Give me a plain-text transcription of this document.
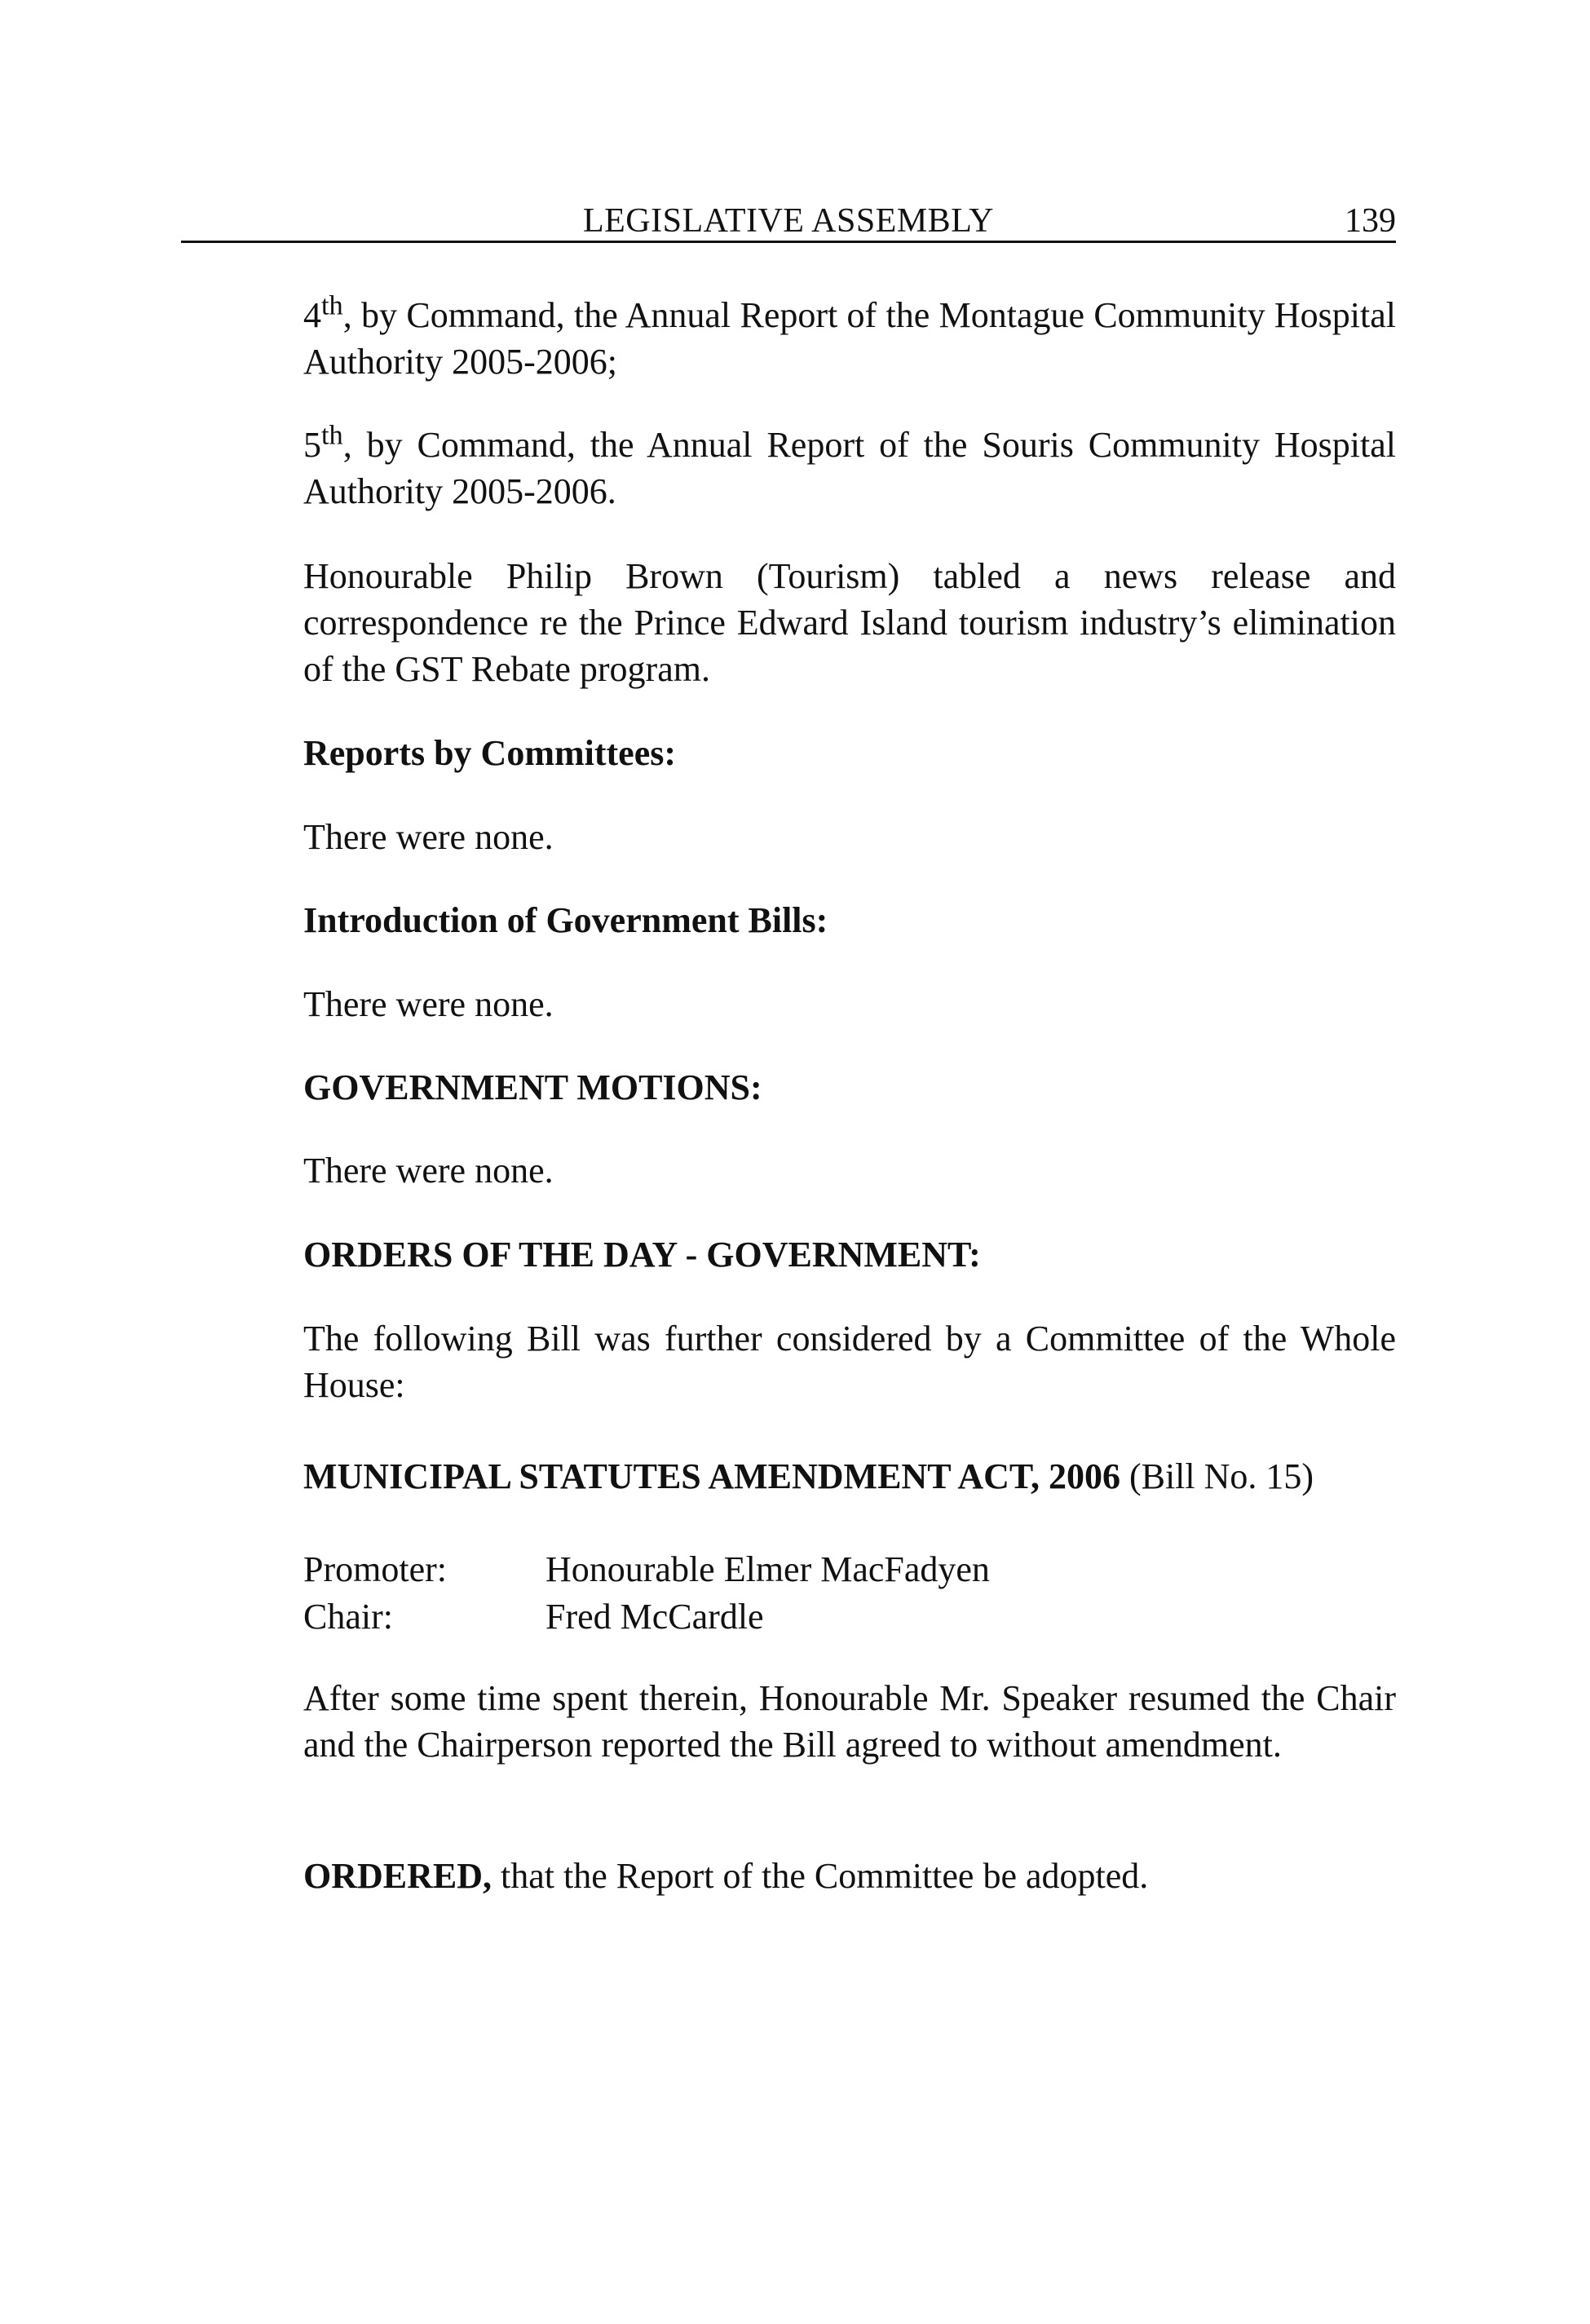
LEGISLATIVE ASSEMBLY	139
4th, by Command, the Annual Report of the Montague Community Hospital Authority 2005-2006;
5th, by Command, the Annual Report of the Souris Community Hospital Authority 2005-2006.
Honourable Philip Brown (Tourism) tabled a news release and correspondence re the Prince Edward Island tourism industry’s elimination of the GST Rebate program.
Reports by Committees:
There were none.
Introduction of Government Bills:
There were none.
GOVERNMENT MOTIONS:
There were none.
ORDERS OF THE DAY - GOVERNMENT:
The following Bill was further considered by a Committee of the Whole House:
MUNICIPAL STATUTES AMENDMENT ACT, 2006 (Bill No. 15)
Promoter:	Honourable Elmer MacFadyen
Chair:	Fred McCardle
After some time spent therein, Honourable Mr. Speaker resumed the Chair and the Chairperson reported the Bill agreed to without amendment.
ORDERED, that the Report of the Committee be adopted.
